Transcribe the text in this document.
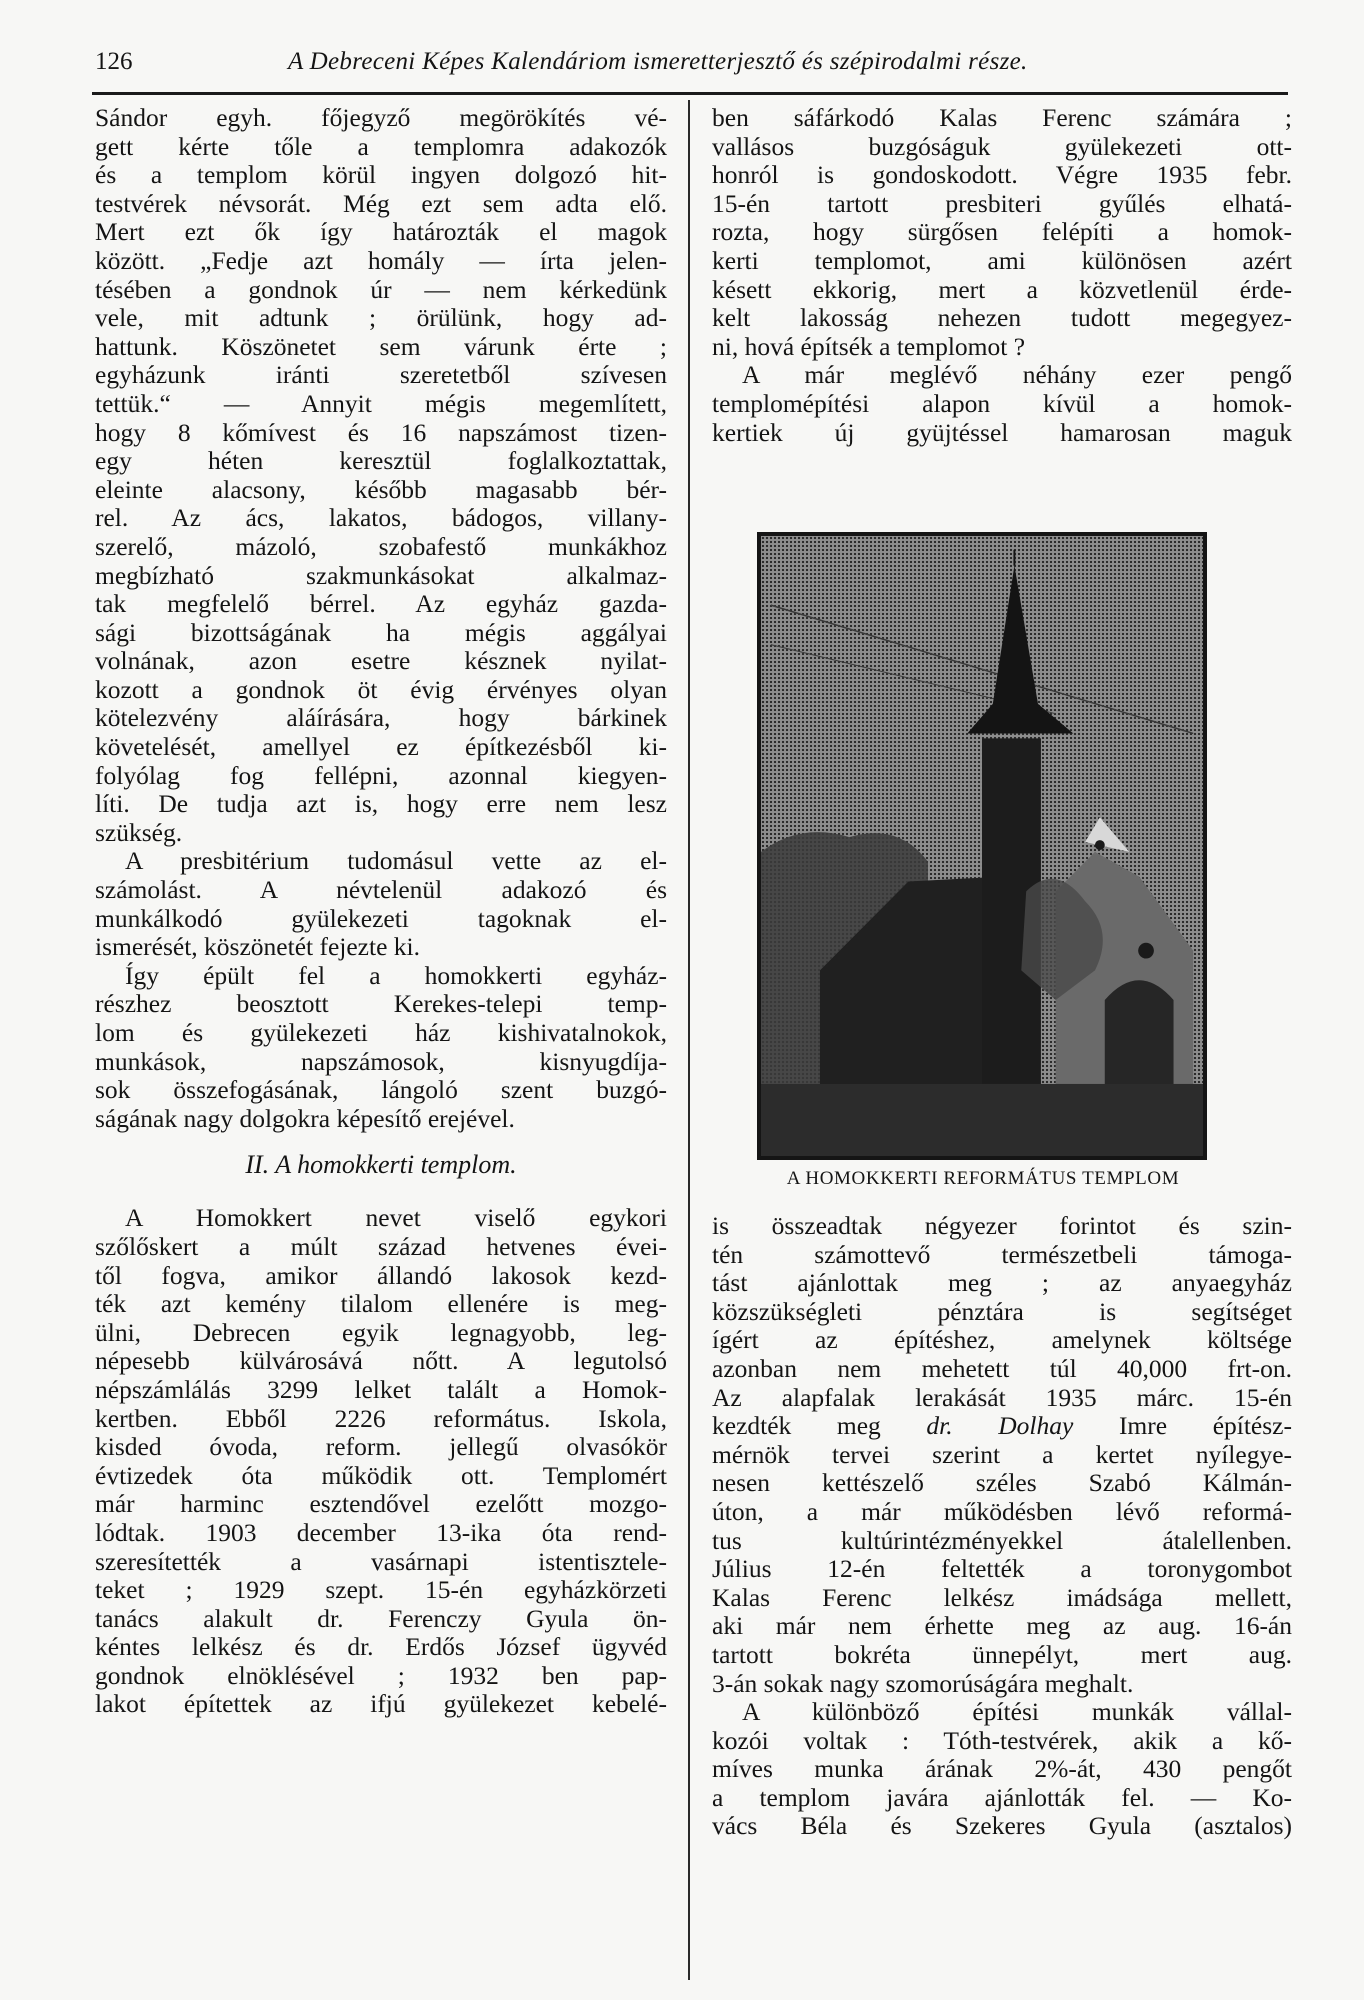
126	A Debreceni Képes Kalendáriom ismeretterjesztő és szépirodalmi része.
Sándor egyh. főjegyző megörökítés vé-
gett kérte tőle a templomra adakozók
és a templom körül ingyen dolgozó hit-
testvérek névsorát. Még ezt sem adta elő.
Mert ezt ők így határozták el magok
között. „Fedje azt homály — írta jelen-
tésében a gondnok úr — nem kérkedünk
vele, mit adtunk ; örülünk, hogy ad-
hattunk. Köszönetet sem várunk érte ;
egyházunk iránti szeretetből szívesen
tettük.“ — Annyit mégis megemlített,
hogy 8 kőmívest és 16 napszámost tizen-
egy héten keresztül foglalkoztattak,
eleinte alacsony, később magasabb bér-
rel. Az ács, lakatos, bádogos, villany-
szerelő, mázoló, szobafestő munkákhoz
megbízható szakmunkásokat alkalmaz-
tak megfelelő bérrel. Az egyház gazda-
sági bizottságának ha mégis aggályai
volnának, azon esetre késznek nyilat-
kozott a gondnok öt évig érvényes olyan
kötelezvény aláírására, hogy bárkinek
követelését, amellyel ez építkezésből ki-
folyólag fog fellépni, azonnal kiegyen-
líti. De tudja azt is, hogy erre nem lesz
szükség.
A presbitérium tudomásul vette az el-
számolást. A névtelenül adakozó és
munkálkodó gyülekezeti tagoknak el-
ismerését, köszönetét fejezte ki.
Így épült fel a homokkerti egyház-
részhez beosztott Kerekes-telepi temp-
lom és gyülekezeti ház kishivatalnokok,
munkások, napszámosok, kisnyugdíja-
sok összefogásának, lángoló szent buzgó-
ságának nagy dolgokra képesítő erejével.
II. A homokkerti templom.
A Homokkert nevet viselő egykori
szőlőskert a múlt század hetvenes évei-
től fogva, amikor állandó lakosok kezd-
ték azt kemény tilalom ellenére is meg-
ülni, Debrecen egyik legnagyobb, leg-
népesebb külvárosává nőtt. A legutolsó
népszámlálás 3299 lelket talált a Homok-
kertben. Ebből 2226 református. Iskola,
kisded óvoda, reform. jellegű olvasókör
évtizedek óta működik ott. Templomért
már harminc esztendővel ezelőtt mozgo-
lódtak. 1903 december 13-ika óta rend-
szeresítették a vasárnapi istentisztele-
teket ; 1929 szept. 15-én egyházkörzeti
tanács alakult dr. Ferenczy Gyula ön-
kéntes lelkész és dr. Erdős József ügyvéd
gondnok elnöklésével ; 1932 ben pap-
lakot építettek az ifjú gyülekezet kebelé-
ben sáfárkodó Kalas Ferenc számára ;
vallásos buzgóságuk gyülekezeti ott-
honról is gondoskodott. Végre 1935 febr.
15-én tartott presbiteri gyűlés elhatá-
rozta, hogy sürgősen felépíti a homok-
kerti templomot, ami különösen azért
késett ekkorig, mert a közvetlenül érde-
kelt lakosság nehezen tudott megegyez-
ni, hová építsék a templomot ?
A már meglévő néhány ezer pengő
templomépítési alapon kívül a homok-
kertiek új gyüjtéssel hamarosan maguk
A HOMOKKERTI REFORMÁTUS TEMPLOM
is összeadtak négyezer forintot és szin-
tén számottevő természetbeli támoga-
tást ajánlottak meg ; az anyaegyház
közszükségleti pénztára is segítséget
ígért az építéshez, amelynek költsége
azonban nem mehetett túl 40,000 frt-on.
Az alapfalak lerakását 1935 márc. 15-én
kezdték meg dr. Dolhay Imre építész-
mérnök tervei szerint a kertet nyílegye-
nesen kettészelő széles Szabó Kálmán-
úton, a már működésben lévő reformá-
tus kultúrintézményekkel átalellenben.
Július 12-én feltették a toronygombot
Kalas Ferenc lelkész imádsága mellett,
aki már nem érhette meg az aug. 16-án
tartott bokréta ünnepélyt, mert aug.
3-án sokak nagy szomorúságára meghalt.
A különböző építési munkák vállal-
kozói voltak : Tóth-testvérek, akik a kő-
míves munka árának 2%-át, 430 pengőt
a templom javára ajánlották fel. — Ko-
vács Béla és Szekeres Gyula (asztalos)
